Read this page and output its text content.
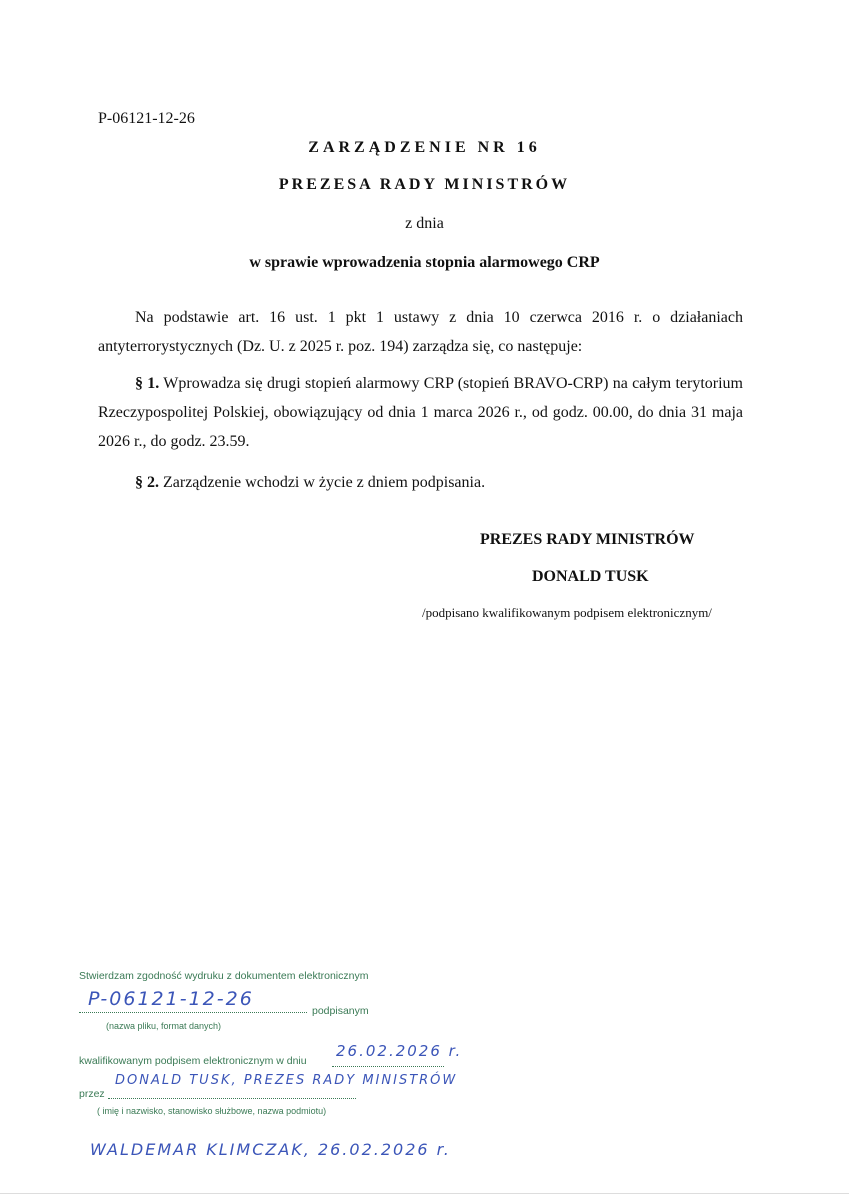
P-06121-12-26
ZARZĄDZENIE NR 16
PREZESA RADY MINISTRÓW
z dnia
w sprawie wprowadzenia stopnia alarmowego CRP

Na podstawie art. 16 ust. 1 pkt 1 ustawy z dnia 10 czerwca 2016 r. o działaniach antyterrorystycznych (Dz. U. z 2025 r. poz. 194) zarządza się, co następuje:

§ 1. Wprowadza się drugi stopień alarmowy CRP (stopień BRAVO-CRP) na całym terytorium Rzeczypospolitej Polskiej, obowiązujący od dnia 1 marca 2026 r., od godz. 00.00, do dnia 31 maja 2026 r., do godz. 23.59.

§ 2. Zarządzenie wchodzi w życie z dniem podpisania.

PREZES RADY MINISTRÓW
DONALD TUSK
/podpisano kwalifikowanym podpisem elektronicznym/
Stwierdzam zgodność wydruku z dokumentem elektronicznym
P-06121-12-26
podpisanym
(nazwa pliku, format danych)
kwalifikowanym podpisem elektronicznym w dniu
26.02.2026 r.
przez
DONALD TUSK, PREZES RADY MINISTRÓW
( imię i nazwisko, stanowisko służbowe, nazwa podmiotu)
WALDEMAR KLIMCZAK, 26.02.2026 r.
